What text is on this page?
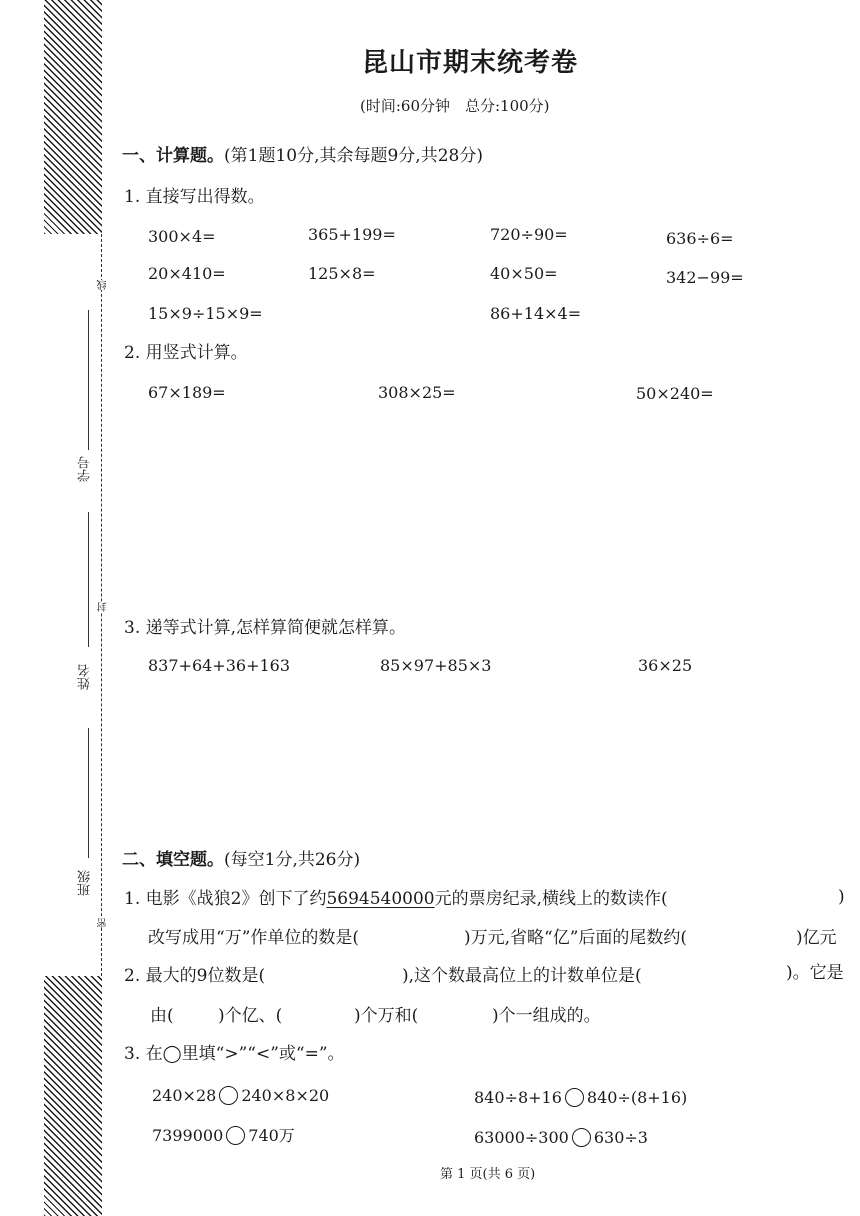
学号
姓名
班级
线
封
密
昆山市期末统考卷
(时间:60分钟　总分:100分)
一、计算题。(第1题10分,其余每题9分,共28分)
1. 直接写出得数。
300×4=	365+199=	720÷90=	636÷6=
20×410=	125×8=	40×50=	342−99=
15×9÷15×9=	86+14×4=
2. 用竖式计算。
67×189=	308×25=	50×240=
3. 递等式计算,怎样算简便就怎样算。
837+64+36+163	85×97+85×3	36×25
二、填空题。(每空1分,共26分)
1. 电影《战狼2》创下了约5694540000元的票房纪录,横线上的数读作(	)
改写成用“万”作单位的数是(	)万元,省略“亿”后面的尾数约(	)亿元
2. 最大的9位数是(	),这个数最高位上的计数单位是(	)。它是
由(	)个亿、(	)个万和(	)个一组成的。
3. 在◯里填“>”“<”或“=”。
240×28 240×8×20	840÷8+16 840÷(8+16)
7399000 740万	63000÷300 630÷3
第 1 页(共 6 页)
